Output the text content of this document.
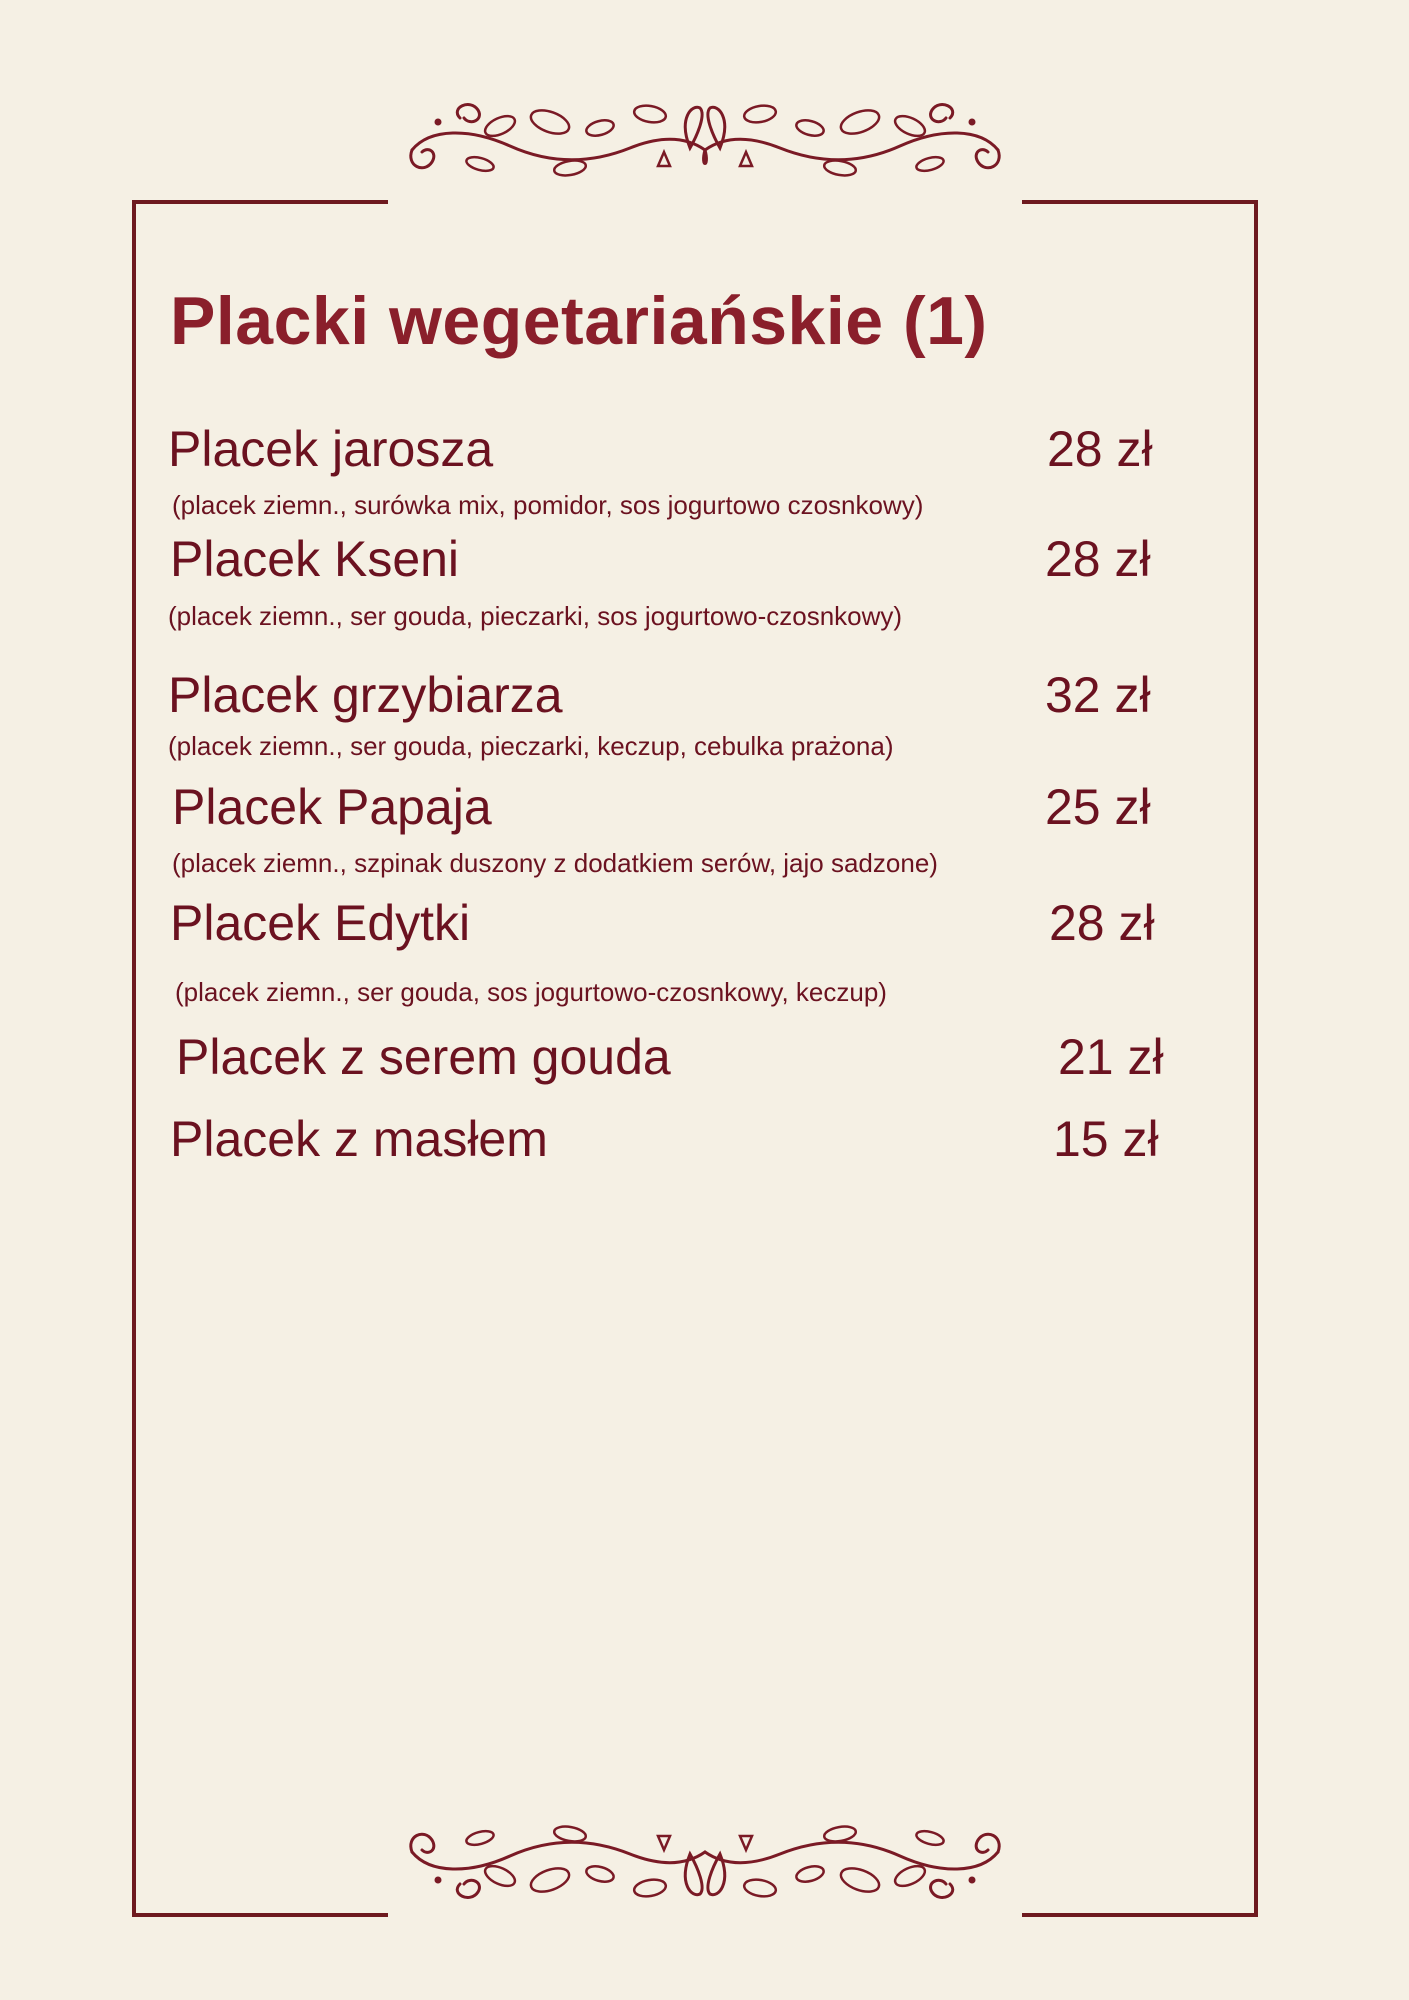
Placki wegetariańskie (1)
Placek jarosza	28 zł
(placek ziemn., surówka mix, pomidor, sos jogurtowo czosnkowy)
Placek Kseni	28 zł
(placek ziemn., ser gouda, pieczarki, sos jogurtowo-czosnkowy)
Placek grzybiarza	32 zł
(placek ziemn., ser gouda, pieczarki, keczup, cebulka prażona)
Placek Papaja	25 zł
(placek ziemn., szpinak duszony z dodatkiem serów, jajo sadzone)
Placek Edytki	28 zł
(placek ziemn., ser gouda, sos jogurtowo-czosnkowy, keczup)
Placek z serem gouda	21 zł
Placek z masłem	15 zł
